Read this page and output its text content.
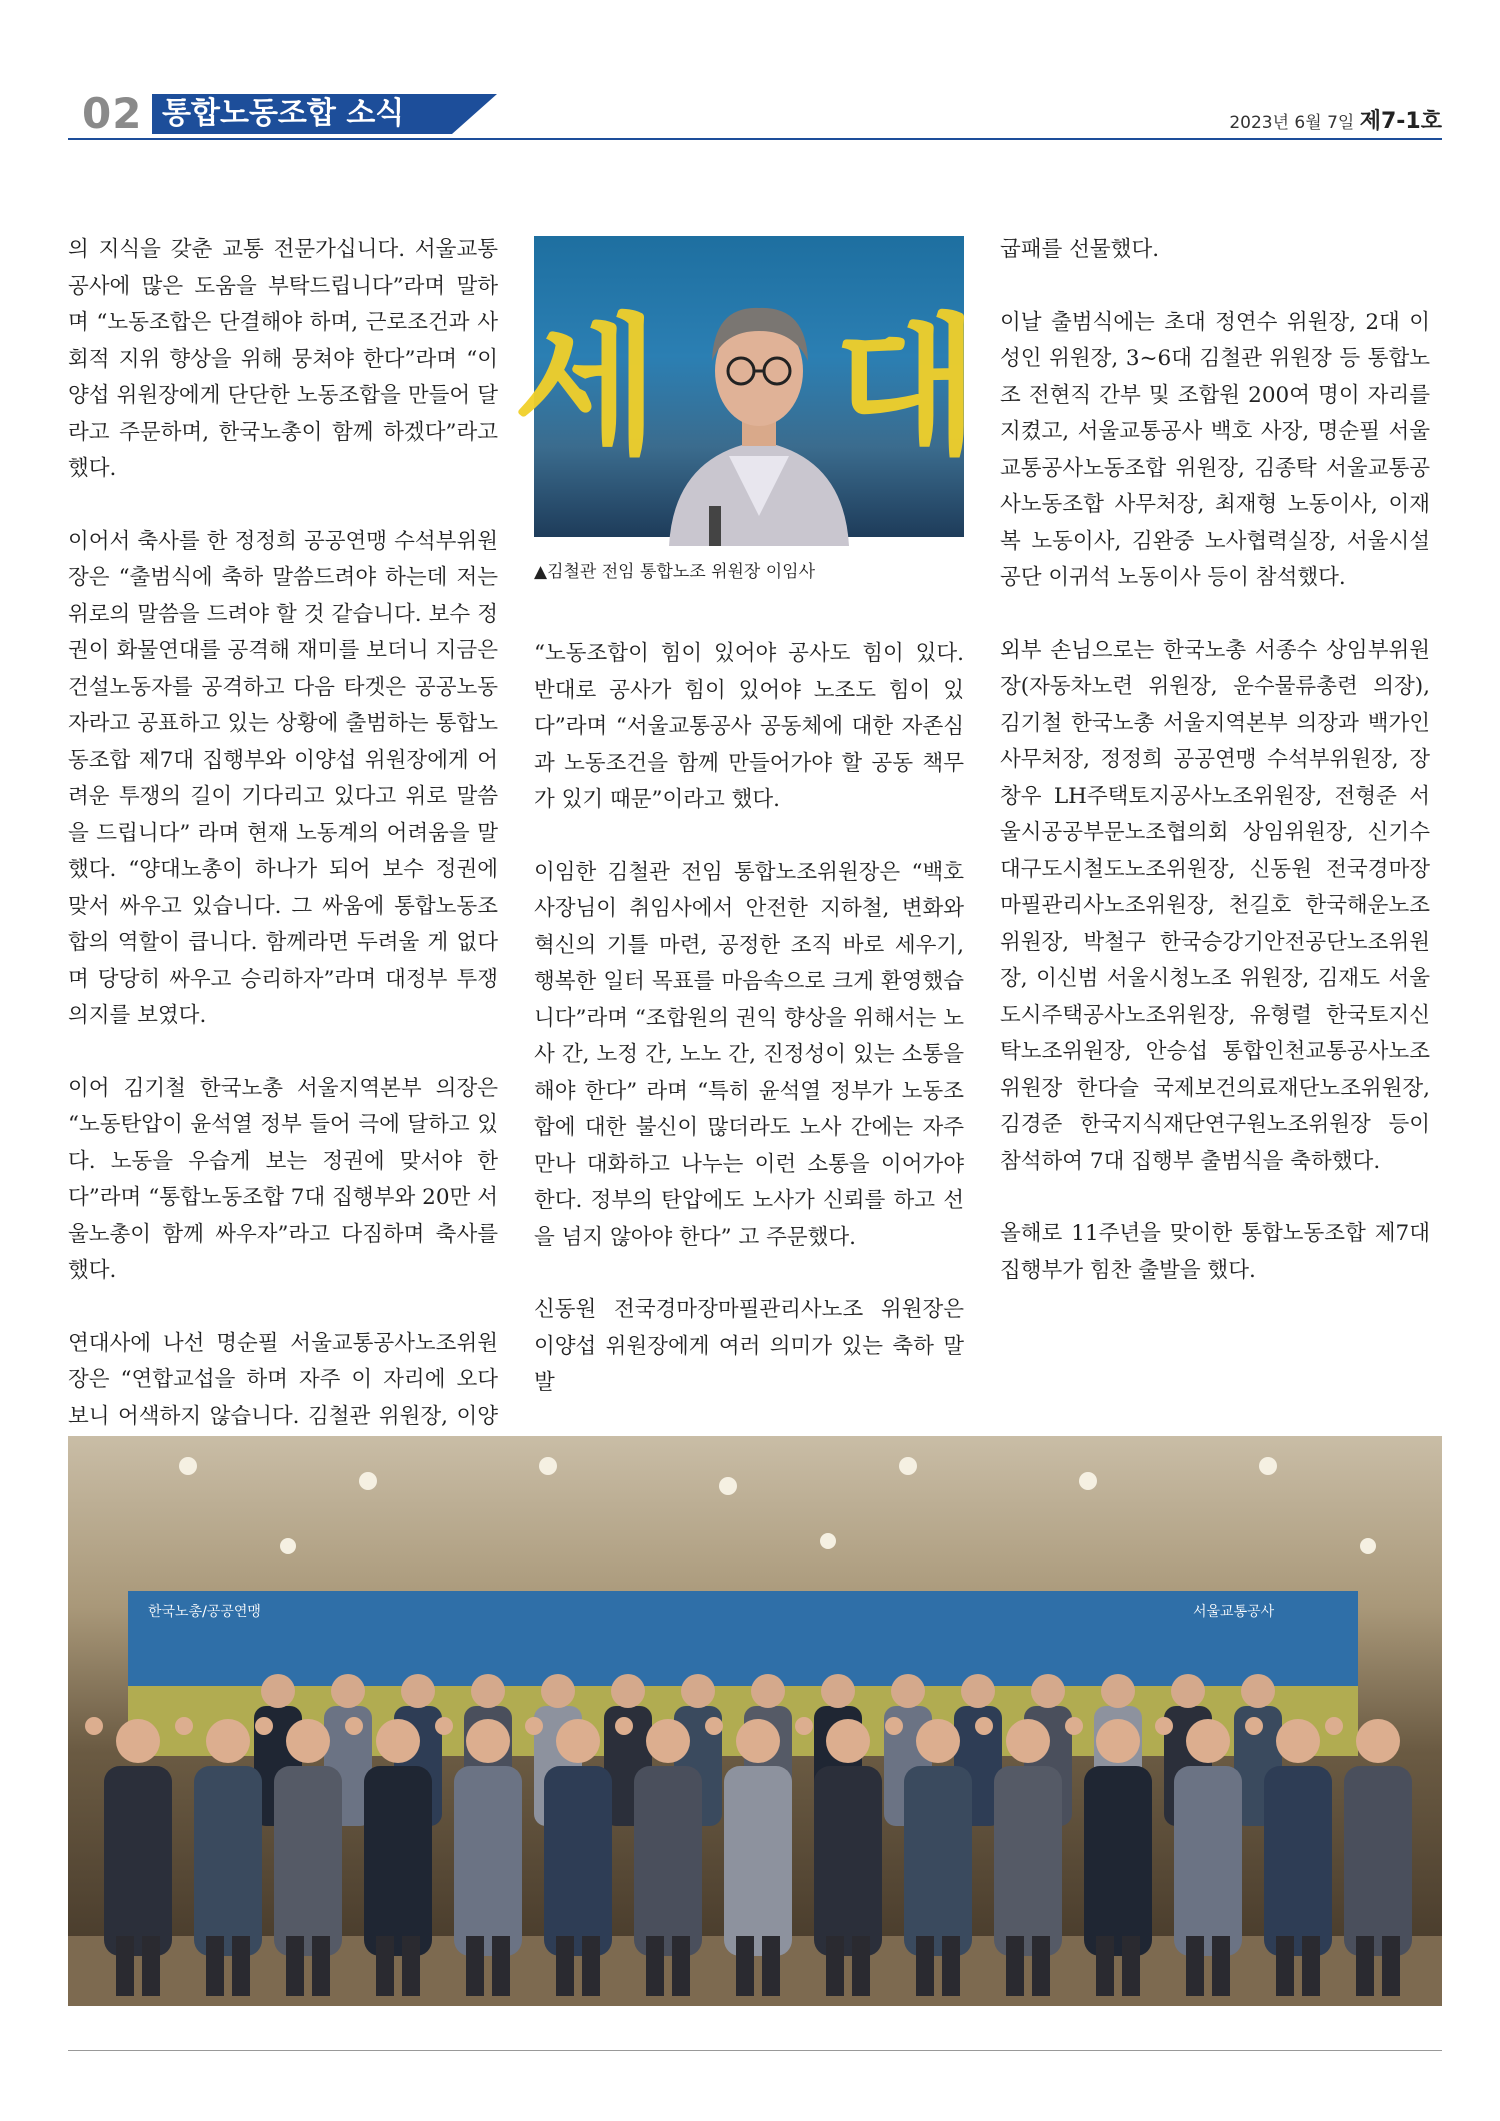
02 통합노동조합 소식	2023년 6월 7일 제7-1호

의 지식을 갖춘 교통 전문가십니다. 서울교통공사에 많은 도움을 부탁드립니다”라며 말하며 “노동조합은 단결해야 하며, 근로조건과 사회적 지위 향상을 위해 뭉쳐야 한다”라며 “이양섭 위원장에게 단단한 노동조합을 만들어 달라고 주문하며, 한국노총이 함께 하겠다”라고 했다.

이어서 축사를 한 정정희 공공연맹 수석부위원장은 “출범식에 축하 말씀드려야 하는데 저는 위로의 말씀을 드려야 할 것 같습니다. 보수 정권이 화물연대를 공격해 재미를 보더니 지금은 건설노동자를 공격하고 다음 타겟은 공공노동자라고 공표하고 있는 상황에 출범하는 통합노동조합 제7대 집행부와 이양섭 위원장에게 어려운 투쟁의 길이 기다리고 있다고 위로 말씀을 드립니다” 라며 현재 노동계의 어려움을 말했다. “양대노총이 하나가 되어 보수 정권에 맞서 싸우고 있습니다. 그 싸움에 통합노동조합의 역할이 큽니다. 함께라면 두려울 게 없다며 당당히 싸우고 승리하자”라며 대정부 투쟁 의지를 보였다.

이어 김기철 한국노총 서울지역본부 의장은 “노동탄압이 윤석열 정부 들어 극에 달하고 있다. 노동을 우습게 보는 정권에 맞서야 한다”라며 “통합노동조합 7대 집행부와 20만 서울노총이 함께 싸우자”라고 다짐하며 축사를 했다.

연대사에 나선 명순필 서울교통공사노조위원장은 “연합교섭을 하며 자주 이 자리에 오다 보니 어색하지 않습니다. 김철관 위원장, 이양

세 대
▲김철관 전임 통합노조 위원장 이임사

“노동조합이 힘이 있어야 공사도 힘이 있다. 반대로 공사가 힘이 있어야 노조도 힘이 있다”라며 “서울교통공사 공동체에 대한 자존심과 노동조건을 함께 만들어가야 할 공동 책무가 있기 때문”이라고 했다.

이임한 김철관 전임 통합노조위원장은 “백호 사장님이 취임사에서 안전한 지하철, 변화와 혁신의 기틀 마련, 공정한 조직 바로 세우기, 행복한 일터 목표를 마음속으로 크게 환영했습니다”라며 “조합원의 권익 향상을 위해서는 노사 간, 노정 간, 노노 간, 진정성이 있는 소통을 해야 한다” 라며 “특히 윤석열 정부가 노동조합에 대한 불신이 많더라도 노사 간에는 자주 만나 대화하고 나누는 이런 소통을 이어가야 한다. 정부의 탄압에도 노사가 신뢰를 하고 선을 넘지 않아야 한다” 고 주문했다.

신동원 전국경마장마필관리사노조 위원장은 이양섭 위원장에게 여러 의미가 있는 축하 말발

굽패를 선물했다.

이날 출범식에는 초대 정연수 위원장, 2대 이성인 위원장, 3~6대 김철관 위원장 등 통합노조 전현직 간부 및 조합원 200여 명이 자리를 지켰고, 서울교통공사 백호 사장, 명순필 서울교통공사노동조합 위원장, 김종탁 서울교통공사노동조합 사무처장, 최재형 노동이사, 이재복 노동이사, 김완중 노사협력실장, 서울시설공단 이귀석 노동이사 등이 참석했다.

외부 손님으로는 한국노총 서종수 상임부위원장(자동차노련 위원장, 운수물류총련 의장), 김기철 한국노총 서울지역본부 의장과 백가인 사무처장, 정정희 공공연맹 수석부위원장, 장창우 LH주택토지공사노조위원장, 전형준 서울시공공부문노조협의회 상임위원장, 신기수 대구도시철도노조위원장, 신동원 전국경마장마필관리사노조위원장, 천길호 한국해운노조위원장, 박철구 한국승강기안전공단노조위원장, 이신범 서울시청노조 위원장, 김재도 서울도시주택공사노조위원장, 유형렬 한국토지신탁노조위원장, 안승섭 통합인천교통공사노조위원장 한다슬 국제보건의료재단노조위원장, 김경준 한국지식재단연구원노조위원장 등이 참석하여 7대 집행부 출범식을 축하했다.

올해로 11주년을 맞이한 통합노동조합 제7대 집행부가 힘찬 출발을 했다.

한국노총/공공연맹	서울교통공사
